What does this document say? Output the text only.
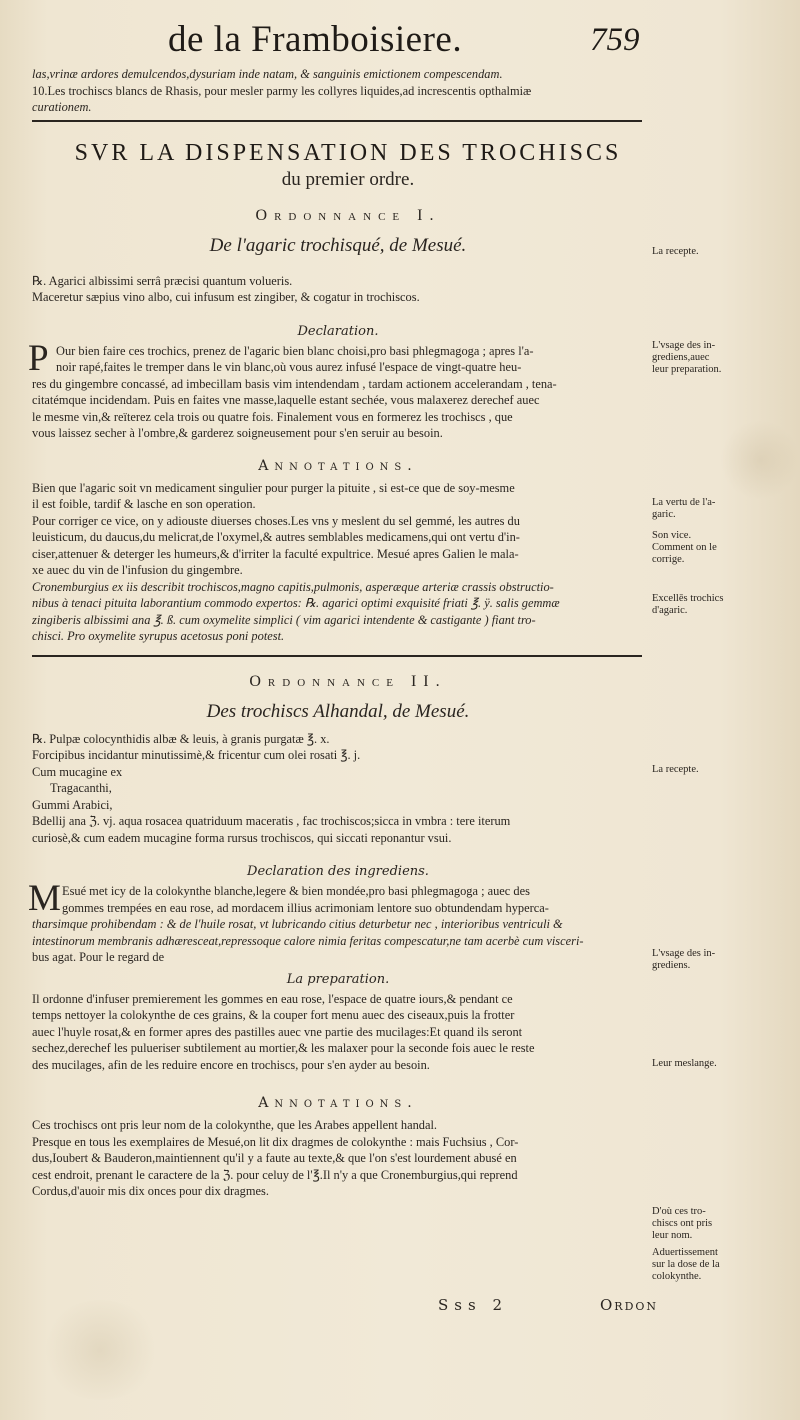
de la Framboisiere.	759
las,vrinæ ardores demulcendos,dysuriam inde natam, & sanguinis emictionem compescendam.
10.Les trochiscs blancs de Rhasis, pour mesler parmy les collyres liquides,ad increscentis opthalmiæ
curationem.
SVR LA DISPENSATION DES TROCHISCS
du premier ordre.
Ordonnance I.
De l'agaric trochisqué, de Mesué.
℞. Agarici albissimi serrâ præcisi quantum volueris.
Maceretur sæpius vino albo, cui infusum est zingiber, & cogatur in trochiscos.
Declaration.
P Our bien faire ces trochics, prenez de l'agaric bien blanc choisi,pro basi phlegmagoga ; apres l'a-
noir rapé,faites le tremper dans le vin blanc,où vous aurez infusé l'espace de vingt-quatre heu-
res du gingembre concassé, ad imbecillam basis vim intendendam , tardam actionem accelerandam , tena-
citatémque incidendam. Puis en faites vne masse,laquelle estant sechée, vous malaxerez derechef auec
le mesme vin,& reïterez cela trois ou quatre fois. Finalement vous en formerez les trochiscs , que
vous laissez secher à l'ombre,& garderez soigneusement pour s'en seruir au besoin.
Annotations.
Bien que l'agaric soit vn medicament singulier pour purger la pituite , si est-ce que de soy-mesme
il est foible, tardif & lasche en son operation.
Pour corriger ce vice, on y adiouste diuerses choses.Les vns y meslent du sel gemmé, les autres du
leuisticum, du daucus,du melicrat,de l'oxymel,& autres semblables medicamens,qui ont vertu d'in-
ciser,attenuer & deterger les humeurs,& d'irriter la faculté expultrice. Mesué apres Galien le mala-
xe auec du vin de l'infusion du gingembre.
Cronemburgius ex iis describit trochiscos,magno capitis,pulmonis, asperæque arteriæ crassis obstructio-
nibus à tenaci pituita laborantium commodo expertos: ℞. agarici optimi exquisité friati ℥. ÿ. salis gemmæ
zingiberis albissimi ana ℥. ß. cum oxymelite simplici ( vim agarici intendente & castigante ) fiant tro-
chisci. Pro oxymelite syrupus acetosus poni potest.
Ordonnance II.
Des trochiscs Alhandal, de Mesué.
℞. Pulpæ colocynthidis albæ & leuis, à granis purgatæ ℥. x.
Forcipibus incidantur minutissimè,& fricentur cum olei rosati ℥. j.
Cum mucagine ex
Tragacanthi,
Gummi Arabici,
Bdellij ana ℨ. vj. aqua rosacea quatriduum maceratis , fac trochiscos;sicca in vmbra : tere iterum
curiosè,& cum eadem mucagine forma rursus trochiscos, qui siccati reponantur vsui.
Declaration des ingrediens.
M Esué met icy de la colokynthe blanche,legere & bien mondée,pro basi phlegmagoga ; auec des
gommes trempées en eau rose, ad mordacem illius acrimoniam lentore suo obtundendam hyperca-
tharsimque prohibendam : & de l'huile rosat, vt lubricando citius deturbetur nec , interioribus ventriculi &
intestinorum membranis adhæresceat,repressoque calore nimia feritas compescatur,ne tam acerbè cum visceri-
bus agat. Pour le regard de
La preparation.
Il ordonne d'infuser premierement les gommes en eau rose, l'espace de quatre iours,& pendant ce
temps nettoyer la colokynthe de ces grains, & la couper fort menu auec des ciseaux,puis la frotter
auec l'huyle rosat,& en former apres des pastilles auec vne partie des mucilages:Et quand ils seront
sechez,derechef les pulueriser subtilement au mortier,& les malaxer pour la seconde fois auec le reste
des mucilages, afin de les reduire encore en trochiscs, pour s'en ayder au besoin.
Annotations.
Ces trochiscs ont pris leur nom de la colokynthe, que les Arabes appellent handal.
Presque en tous les exemplaires de Mesué,on lit dix dragmes de colokynthe : mais Fuchsius , Cor-
dus,Ioubert & Bauderon,maintiennent qu'il y a faute au texte,& que l'on s'est lourdement abusé en
cest endroit, prenant le caractere de la ℨ. pour celuy de l'℥.Il n'y a que Cronemburgius,qui reprend
Cordus,d'auoir mis dix onces pour dix dragmes.
La recepte.
L'vsage des in-
grediens,auec
leur preparation.
La vertu de l'a-
garic.
Son vice.
Comment on le
corrige.
Excellēs trochics
d'agaric.
La recepte.
L'vsage des in-
grediens.
Leur meslange.
D'où ces tro-
chiscs ont pris
leur nom.
Aduertissement
sur la dose de la
colokynthe.
Sss 2	Ordon
